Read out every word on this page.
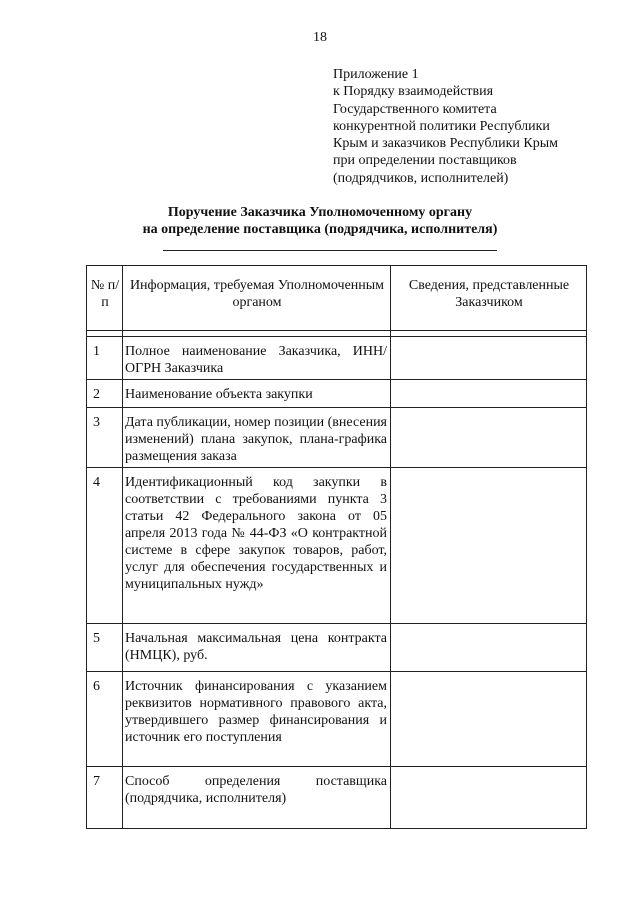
18
Приложение 1
к Порядку взаимодействия
Государственного комитета
конкурентной политики Республики
Крым и заказчиков Республики Крым
при определении поставщиков
(подрядчиков, исполнителей)
Поручение Заказчика Уполномоченному органу
на определение поставщика (подрядчика, исполнителя)
№ п/п	Информация, требуемая Уполномоченным органом	Сведения, представленные Заказчиком

1	Полное наименование Заказчика, ИНН/ОГРН Заказчика	

2	Наименование объекта закупки	

3	Дата публикации, номер позиции (внесения изменений) плана закупок, плана-графика размещения заказа	

4	Идентификационный код закупки в соответствии с требованиями пункта 3 статьи 42 Федерального закона от 05 апреля 2013 года № 44-ФЗ «О контрактной системе в сфере закупок товаров, работ, услуг для обеспечения государственных и муниципальных нужд»	

5	Начальная максимальная цена контракта (НМЦК), руб.	

6	Источник финансирования с указанием реквизитов нормативного правового акта, утвердившего размер финансирования и источник его поступления	

7	Способ определения поставщика (подрядчика, исполнителя)	
